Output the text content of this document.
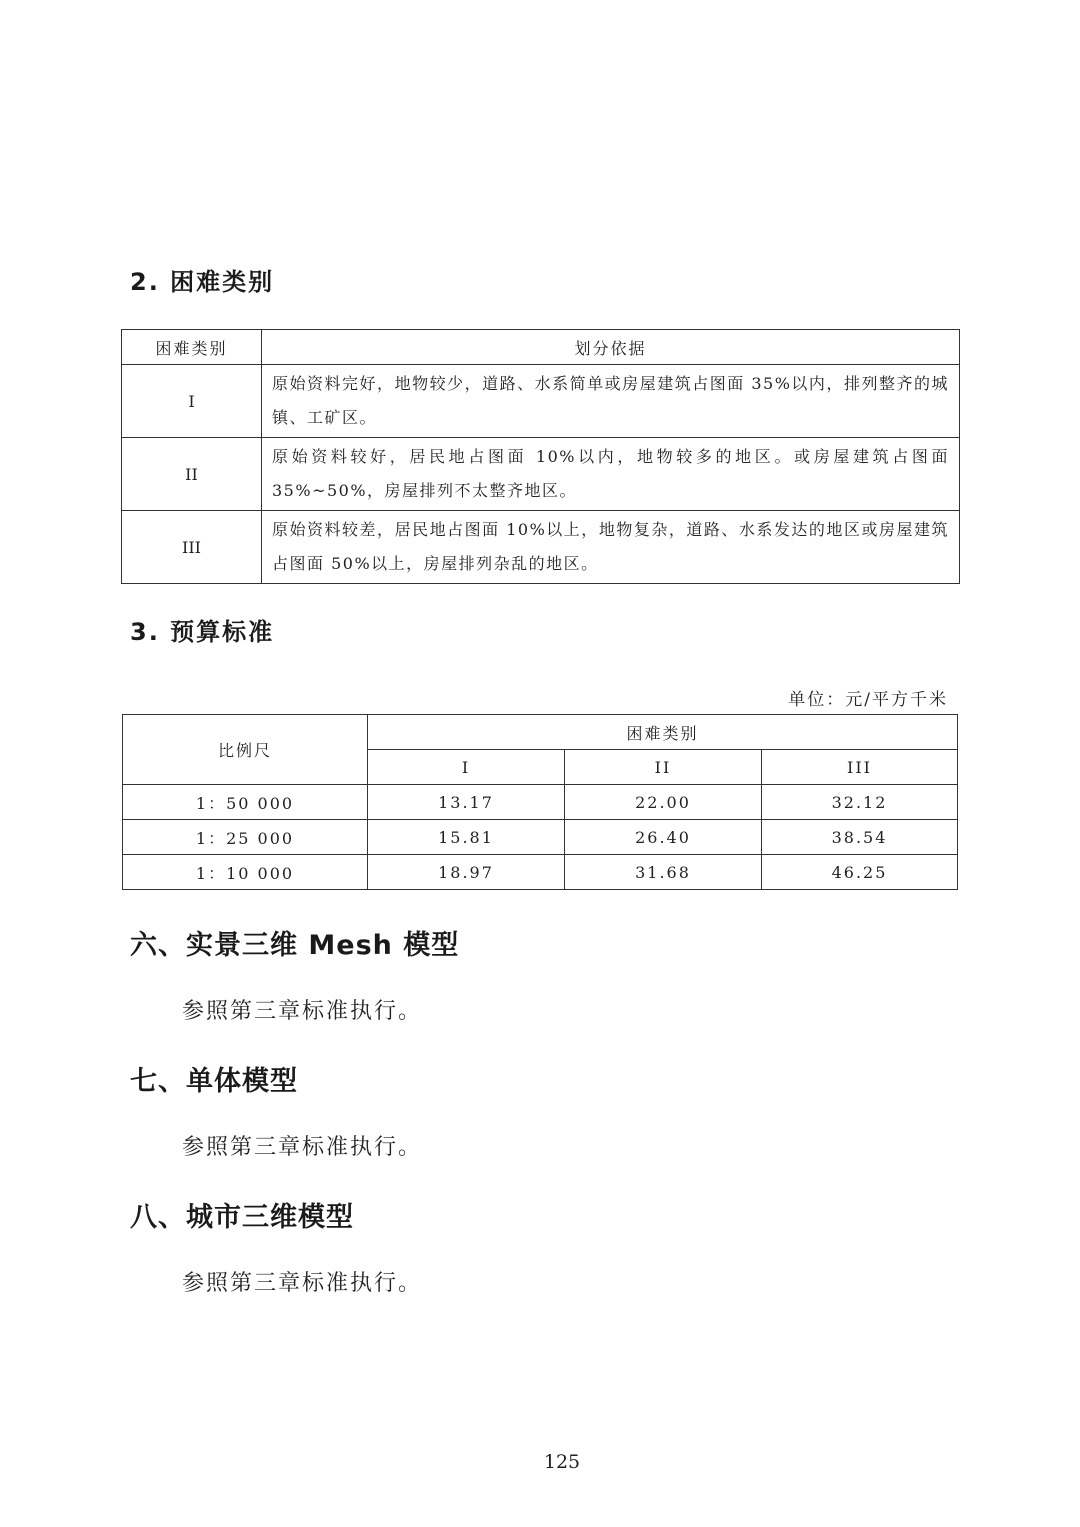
2. 困难类别
困难类别	划分依据
I	原始资料完好，地物较少，道路、水系简单或房屋建筑占图面 35%以内，排列整齐的城镇、工矿区。
II	原始资料较好，居民地占图面 10%以内，地物较多的地区。或房屋建筑占图面 35%~50%，房屋排列不太整齐地区。
III	原始资料较差，居民地占图面 10%以上，地物复杂，道路、水系发达的地区或房屋建筑占图面 50%以上，房屋排列杂乱的地区。
3. 预算标准

单位：元/平方千米

比例尺	困难类别		
	I	II	III
1：50 000	13.17	22.00	32.12
1：25 000	15.81	26.40	38.54
1：10 000	18.97	31.68	46.25
六、实景三维 Mesh 模型

参照第三章标准执行。

七、单体模型

参照第三章标准执行。

八、城市三维模型

参照第三章标准执行。

125
